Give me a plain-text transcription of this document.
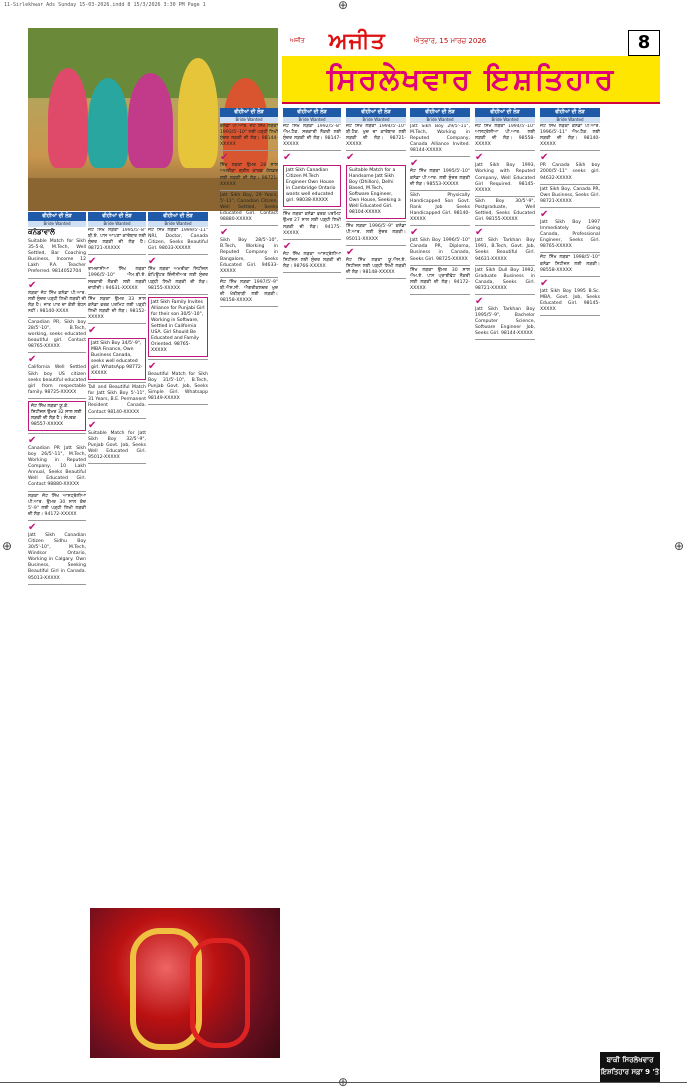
11-Sirlekhwar Ads Sunday 15-03-2026.indd 8 15/3/2026 3:30 PM Page 1	⊕
⊕
⊕	⊕
ਅਜੀਤ ਅਜੀਤ	ਐਤਵਾਰ, 15 ਮਾਰਚ 2026	8
ਸਿਰਲੇਖਵਾਰ ਇਸ਼ਤਿਹਾਰ
ਵੀਹੀਆਂ ਦੀ ਲੋੜ
Bride Wanted
ਵੀਹੀਆਂ ਦੀ ਲੋੜ
Bride Wanted
ਵੀਹੀਆਂ ਦੀ ਲੋੜ
Bride Wanted
ਵੀਹੀਆਂ ਦੀ ਲੋੜ
Bride Wanted
ਵੀਹੀਆਂ ਦੀ ਲੋੜ
Bride Wanted
ਵੀਹੀਆਂ ਦੀ ਲੋੜ
Bride Wanted
ਵੀਹੀਆਂ ਦੀ ਲੋੜ
Bride Wanted
ਵੀਹੀਆਂ ਦੀ ਲੋੜ
Bride Wanted
ਵੀਹੀਆਂ ਦੀ ਲੋੜ
Bride Wanted
ਕਨੇਡਾਵਾਲੇ
Suitable Match for Sikh 35-5-8, M.Tech, Well Settled, Bar Coaching Business, Income 12 Lakh P.A. Teacher Preferred. 9814052704
✔
ਲੜਕਾ ਜੱਟ ਸਿੱਖ ਕਨੇਡਾ ਪੀ.ਆਰ. ਲਈ ਸੁੰਦਰ ਪੜ੍ਹੀ ਲਿਖੀ ਲੜਕੀ ਦੀ ਲੋੜ ਹੈ। ਜਾਤ ਪਾਤ ਦਾ ਕੋਈ ਬੰਧਨ ਨਹੀਂ। 98140-XXXX
Canadian PR, Sikh boy 28/5'-10", B.Tech, working, seeks educated beautiful girl. Contact 98765-XXXXX
✔
California Well Settled Sikh boy US citizen seeks beautiful educated girl from respectable family. 98725-XXXXX
ਜੱਟ ਸਿੱਖ ਲੜਕਾ ਯੂ.ਕੇ. ਸਿਟੀਜ਼ਨ ਉਮਰ 32 ਸਾਲ ਲਈ ਲੜਕੀ ਦੀ ਲੋੜ ਹੈ। ਸੰਪਰਕ 98557-XXXXX
✔
Canadian PR Jatt Sikh boy 26/5'-11", M.Tech, Working in Reputed Company, 10 Lakh Annual, Seeks Beautiful Well Educated Girl. Contact 98880-XXXXX
ਲੜਕਾ ਜੱਟ ਸਿੱਖ ਆਸਟ੍ਰੇਲੀਆ ਪੀ.ਆਰ. ਉਮਰ 30 ਸਾਲ ਕੱਦ 5'-9" ਲਈ ਪੜ੍ਹੀ ਲਿਖੀ ਲੜਕੀ ਦੀ ਲੋੜ। 94172-XXXXX
✔
Jatt Sikh Canadian Citizen Sidhu Boy 30/5'-10", M.Tech, Windsor Ontario, Working in Calgary. Own Business, Seeking Beautiful Girl in Canada. 95013-XXXXX
ਜੱਟ ਸਿੱਖ ਲੜਕਾ 1995/5'-8" ਬੀ.ਏ. ਪਾਸ ਆਪਣਾ ਕਾਰੋਬਾਰ ਲਈ ਸੁੰਦਰ ਲੜਕੀ ਦੀ ਲੋੜ ਹੈ। 98721-XXXXX
✔
ਰਾਮਦਾਸੀਆ ਸਿੱਖ ਲੜਕਾ 1996/5'-10" ਐਮ.ਬੀ.ਏ. ਸਰਕਾਰੀ ਨੌਕਰੀ ਲਈ ਲੜਕੀ ਚਾਹੀਦੀ। 94631-XXXXX
ਸਿੱਖ ਲੜਕਾ ਉਮਰ 33 ਸਾਲ ਕਨੇਡਾ ਵਰਕ ਪਰਮਿਟ ਲਈ ਪੜ੍ਹੀ ਲਿਖੀ ਲੜਕੀ ਦੀ ਲੋੜ। 98152-XXXXX
✔
Jatt Sikh Boy 34/5'-9", MBA Finance, Own Business Canada, seeks well educated girl. WhatsApp 98772-XXXXX
Tall and Beautiful Match for Jatt Sikh Boy 5'-11", 31 Years, B.E. Permanent Resident Canada. Contact 98140-XXXXX
✔
Suitable Match for Jatt Sikh Boy 32/5'-9", Punjab Govt. Job, Seeks Well Educated Girl. 95012-XXXXX
ਜੱਟ ਸਿੱਖ ਲੜਕਾ 1999/5'-11" NRI, Doctor, Canada Citizen, Seeks Beautiful Girl. 98033-XXXXX
✔
ਸਿੱਖ ਲੜਕਾ ਅਮਰੀਕਾ ਸਿਟੀਜ਼ਨ ਕੰਪਿਊਟਰ ਇੰਜੀਨੀਅਰ ਲਈ ਸੁੰਦਰ ਪੜ੍ਹੀ ਲਿਖੀ ਲੜਕੀ ਦੀ ਲੋੜ। 98155-XXXXX
Jatt Sikh Family Invites Alliance for Punjabi Girl for their son 30/5'-10", Working in Software, Settled in California USA. Girl Should Be Educated and Family Oriented. 98765-XXXXX
✔
Beautiful Match for Sikh Boy 31/5'-10", B.Tech, Punjab Govt. Job, Seeks Simple Girl. Whatsapp 98149-XXXXX
ਕਨੇਡਾ ਪੀ.ਆਰ. ਜੱਟ ਸਿੱਖ ਲੜਕਾ 1993/5'-10" ਲਈ ਪੜ੍ਹੀ ਲਿਖੀ ਸੁੰਦਰ ਲੜਕੀ ਦੀ ਲੋੜ। 98144-XXXXX
✔
ਸਿੱਖ ਲੜਕਾ ਉਮਰ 28 ਸਾਲ ਅਮਰੀਕਾ ਗ੍ਰੀਨ ਕਾਰਡ ਹੋਲਡਰ ਲਈ ਲੜਕੀ ਦੀ ਲੋੜ। 98721-XXXXX
Jatt Sikh Boy, 29 Years, 5'-11", Canadian Citizen, Well Settled, Seeks Educated Girl. Contact 98880-XXXXX
✔
Sikh Boy 28/5'-10", B.Tech, Working in Reputed Company in Bangalore, Seeks Educated Girl. 94633-XXXXX
ਜੱਟ ਸਿੱਖ ਲੜਕਾ 1997/5'-9" ਬੀ.ਐਸ.ਸੀ. ਐਗਰੀਕਲਚਰ ਖੁਦ ਦੀ ਖੇਤੀਬਾੜੀ ਲਈ ਲੜਕੀ। 98158-XXXXX
ਜੱਟ ਸਿੱਖ ਲੜਕਾ 1992/5'-8" ਐਮ.ਟੈਕ. ਸਰਕਾਰੀ ਨੌਕਰੀ ਲਈ ਸੁੰਦਰ ਲੜਕੀ ਦੀ ਲੋੜ। 98147-XXXXX
✔
Jatt Sikh Canadian Citizen M.Tech Engineer Own House in Cambridge Ontario wants well educated girl. 98038-XXXXX
ਸਿੱਖ ਲੜਕਾ ਕਨੇਡਾ ਵਰਕ ਪਰਮਿਟ ਉਮਰ 27 ਸਾਲ ਲਈ ਪੜ੍ਹੀ ਲਿਖੀ ਲੜਕੀ ਦੀ ਲੋੜ। 94175-XXXXX
✔
ਜੱਟ ਸਿੱਖ ਲੜਕਾ ਆਸਟ੍ਰੇਲੀਆ ਸਿਟੀਜ਼ਨ ਲਈ ਸੁੰਦਰ ਲੜਕੀ ਦੀ ਲੋੜ। 98766-XXXXX
ਜੱਟ ਸਿੱਖ ਲੜਕਾ 1994/5'-10" ਬੀ.ਟੈਕ. ਖੁਦ ਦਾ ਕਾਰੋਬਾਰ ਲਈ ਲੜਕੀ ਦੀ ਲੋੜ। 98721-XXXXX
✔
Suitable Match for a Handsome Jatt Sikh Boy (Dhillon), Delhi Based, M.Tech, Software Engineer, Own House, Seeking a Well Educated Girl. 98104-XXXXX
ਸਿੱਖ ਲੜਕਾ 1996/5'-9" ਕਨੇਡਾ ਪੀ.ਆਰ. ਲਈ ਸੁੰਦਰ ਲੜਕੀ। 95011-XXXXX
✔
ਜੱਟ ਸਿੱਖ ਲੜਕਾ ਯੂ.ਐਸ.ਏ. ਸਿਟੀਜ਼ਨ ਲਈ ਪੜ੍ਹੀ ਲਿਖੀ ਲੜਕੀ ਦੀ ਲੋੜ। 98148-XXXXX
Jatt Sikh Boy 29/5'-11", M.Tech, Working in Reputed Company, Canada Alliance Invited. 98144-XXXXX
✔
ਜੱਟ ਸਿੱਖ ਲੜਕਾ 1995/5'-10" ਕਨੇਡਾ ਪੀ.ਆਰ. ਲਈ ਸੁੰਦਰ ਲੜਕੀ ਦੀ ਲੋੜ। 98553-XXXXX
Sikh Physically Handicapped Son Govt. Rank Job Seeks Handicapped Girl. 98140-XXXXX
✔
Jatt Sikh Boy 1996/5'-10" Canada PR, Diploma, Business in Canada, Seeks Girl. 98725-XXXXX
ਸਿੱਖ ਲੜਕਾ ਉਮਰ 30 ਸਾਲ ਐਮ.ਏ. ਪਾਸ ਪ੍ਰਾਈਵੇਟ ਨੌਕਰੀ ਲਈ ਲੜਕੀ ਦੀ ਲੋੜ। 94172-XXXXX
ਜੱਟ ਸਿੱਖ ਲੜਕਾ 1994/5'-10" ਆਸਟ੍ਰੇਲੀਆ ਪੀ.ਆਰ. ਲਈ ਲੜਕੀ ਦੀ ਲੋੜ। 98558-XXXXX
✔
Jatt Sikh Boy 1993, Working with Reputed Company, Well Educated Girl Required. 98145-XXXXX
Sikh Boy 30/5'-9", Postgraduate, Well Settled, Seeks Educated Girl. 98155-XXXXX
✔
Jatt Sikh Tarkhan Boy 1991, B.Tech, Govt. Job, Seeks Beautiful Girl. 94631-XXXXX
Jatt Sikh Dull Boy 1992, Graduate Business in Canada, Seeks Girl. 98721-XXXXX
✔
Jatt Sikh Tarkhan Boy 1995/5'-9", Bachelor Computer Science, Software Engineer Job, Seeks Girl. 98144-XXXXX
ਜੱਟ ਸਿੱਖ ਲੜਕਾ ਕਨੇਡਾ ਪੀ.ਆਰ. 1996/5'-11" ਐਮ.ਟੈਕ. ਲਈ ਲੜਕੀ ਦੀ ਲੋੜ। 98140-XXXXX
✔
PR Canada Sikh boy 2000/5'-11" seeks girl. 94632-XXXXX
Jatt Sikh Boy, Canada PR, Own Business, Seeks Girl. 98721-XXXXX
✔
Jatt Sikh Boy 1997 Immediately Going Canada, Professional Engineer, Seeks Girl. 98765-XXXXX
ਜੱਟ ਸਿੱਖ ਲੜਕਾ 1998/5'-10" ਕਨੇਡਾ ਸਿਟੀਜ਼ਨ ਲਈ ਲੜਕੀ। 98558-XXXXX
✔
Jatt Sikh Boy 1995 B.Sc. MBA, Govt. Job, Seeks Educated Girl. 98145-XXXXX
ਬਾਕੀ ਸਿਰਲੇਖਵਾਰ
ਇਸ਼ਤਿਹਾਰ ਸਫ਼ਾ 9 'ਤੇ
